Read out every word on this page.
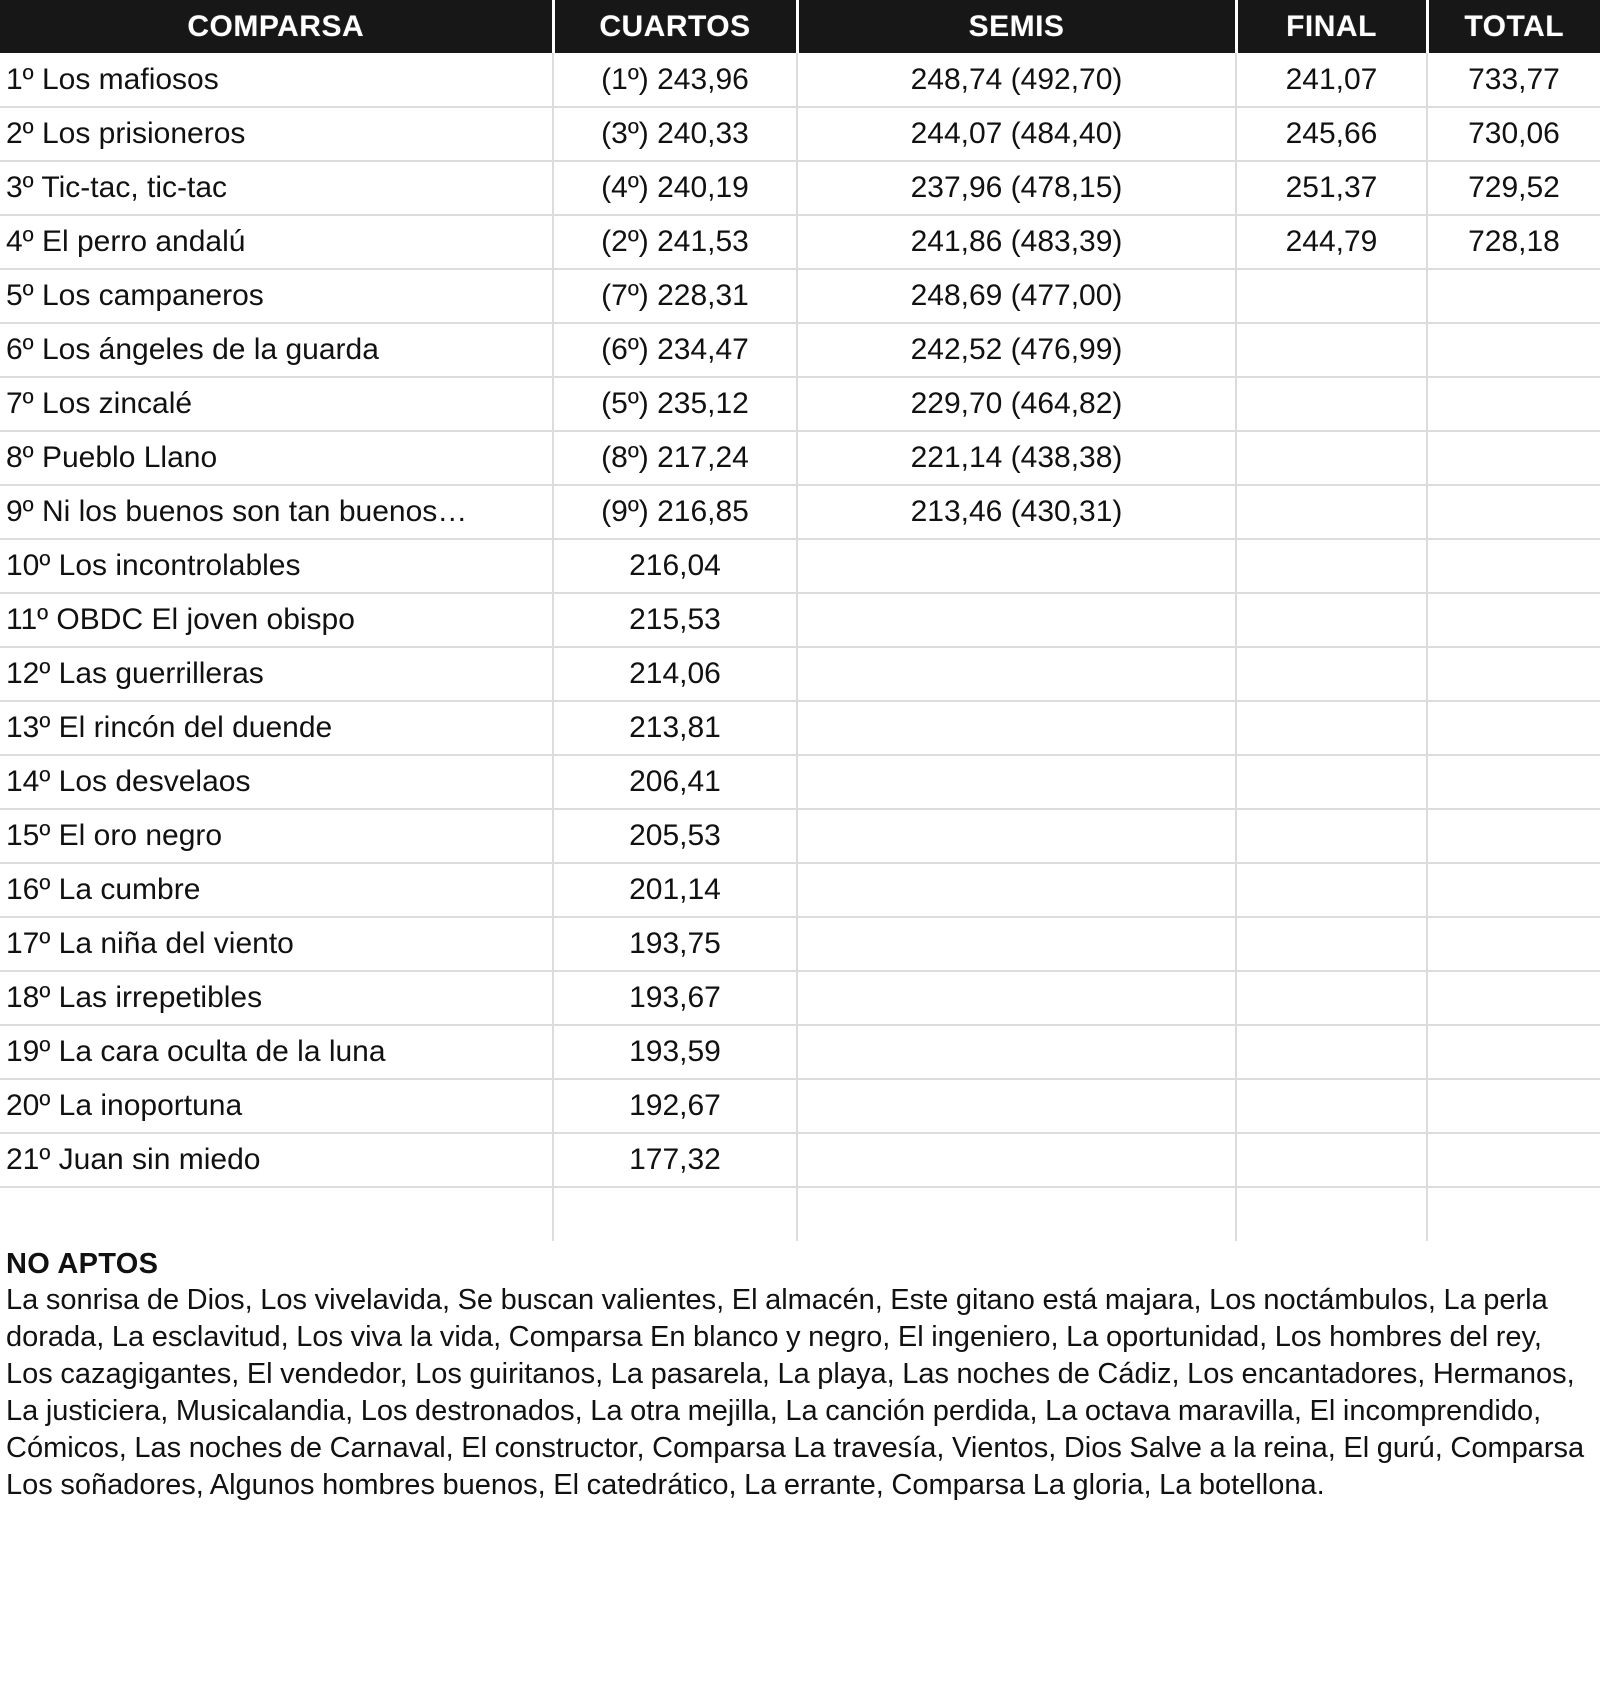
COMPARSA	CUARTOS	SEMIS	FINAL	TOTAL
1º Los mafiosos	(1º) 243,96	248,74 (492,70)	241,07	733,77
2º Los prisioneros	(3º) 240,33	244,07 (484,40)	245,66	730,06
3º Tic-tac, tic-tac	(4º) 240,19	237,96 (478,15)	251,37	729,52
4º El perro andalú	(2º) 241,53	241,86 (483,39)	244,79	728,18
5º Los campaneros	(7º) 228,31	248,69 (477,00)		
6º Los ángeles de la guarda	(6º) 234,47	242,52 (476,99)		
7º Los zincalé	(5º) 235,12	229,70 (464,82)		
8º Pueblo Llano	(8º) 217,24	221,14 (438,38)		
9º Ni los buenos son tan buenos…	(9º) 216,85	213,46 (430,31)		
10º Los incontrolables	216,04			
11º OBDC El joven obispo	215,53			
12º Las guerrilleras	214,06			
13º El rincón del duende	213,81			
14º Los desvelaos	206,41			
15º El oro negro	205,53			
16º La cumbre	201,14			
17º La niña del viento	193,75			
18º Las irrepetibles	193,67			
19º La cara oculta de la luna	193,59			
20º La inoportuna	192,67			
21º Juan sin miedo	177,32			

NO APTOS

La sonrisa de Dios, Los vivelavida, Se buscan valientes, El almacén, Este gitano está majara, Los noctámbulos, La perla dorada, La esclavitud, Los viva la vida, Comparsa En blanco y negro, El ingeniero, La oportunidad, Los hombres del rey, Los cazagigantes, El vendedor, Los guiritanos, La pasarela, La playa, Las noches de Cádiz, Los encantadores, Hermanos, La justiciera, Musicalandia, Los destronados, La otra mejilla, La canción perdida, La octava maravilla, El incomprendido, Cómicos, Las noches de Carnaval, El constructor, Comparsa La travesía, Vientos, Dios Salve a la reina, El gurú, Comparsa Los soñadores, Algunos hombres buenos, El catedrático, La errante, Comparsa La gloria, La botellona.
